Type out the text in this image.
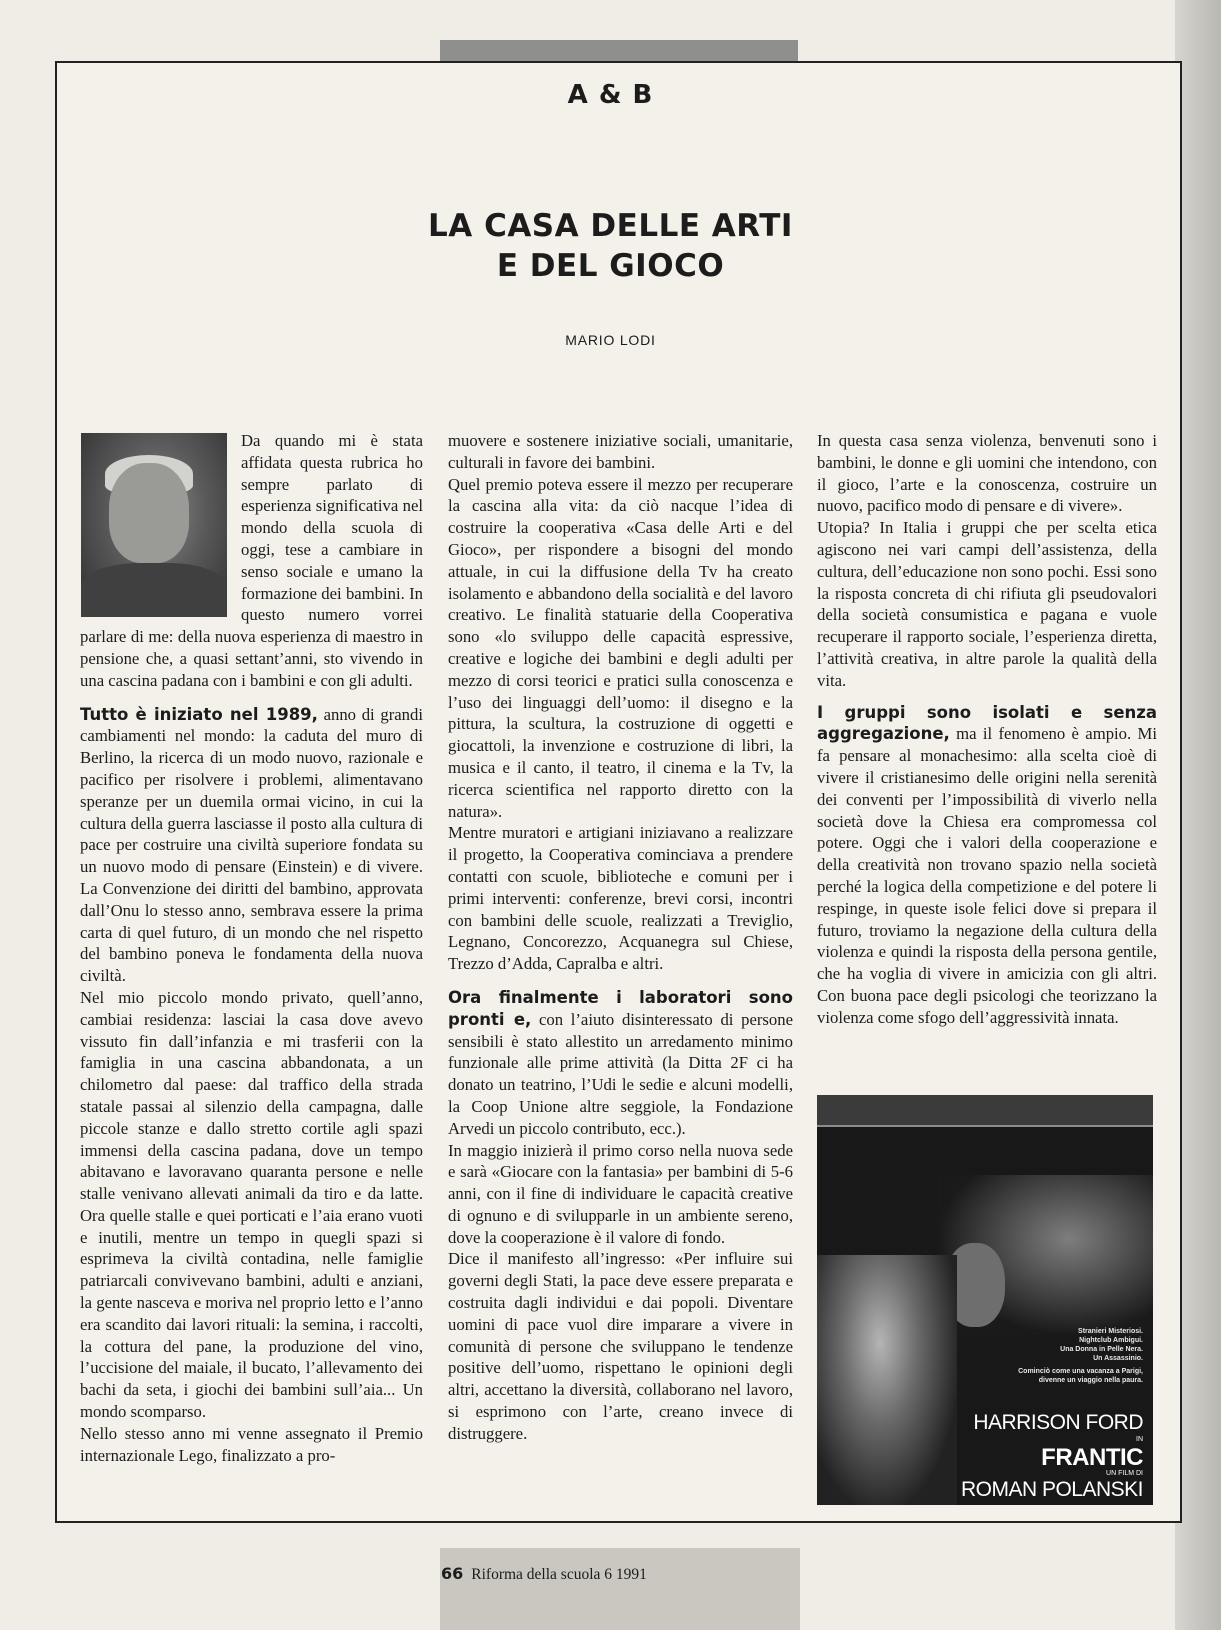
A & B
LA CASA DELLE ARTI
E DEL GIOCO
MARIO LODI

Da quando mi è stata affidata questa rubrica ho sempre parlato di esperienza significativa nel mondo della scuola di oggi, tese a cambiare in senso sociale e umano la formazione dei bambini. In questo numero vorrei parlare di me: della nuova esperienza di maestro in pensione che, a quasi settant’anni, sto vivendo in una cascina padana con i bambini e con gli adulti.

Tutto è iniziato nel 1989, anno di grandi cambiamenti nel mondo: la caduta del muro di Berlino, la ricerca di un modo nuovo, razionale e pacifico per risolvere i problemi, alimentavano speranze per un duemila ormai vicino, in cui la cultura della guerra lasciasse il posto alla cultura di pace per costruire una civiltà superiore fondata su un nuovo modo di pensare (Einstein) e di vivere. La Convenzione dei diritti del bambino, approvata dall’Onu lo stesso anno, sembrava essere la prima carta di quel futuro, di un mondo che nel rispetto del bambino poneva le fondamenta della nuova civiltà.

Nel mio piccolo mondo privato, quell’anno, cambiai residenza: lasciai la casa dove avevo vissuto fin dall’infanzia e mi trasferii con la famiglia in una cascina abbandonata, a un chilometro dal paese: dal traffico della strada statale passai al silenzio della campagna, dalle piccole stanze e dallo stretto cortile agli spazi immensi della cascina padana, dove un tempo abitavano e lavoravano quaranta persone e nelle stalle venivano allevati animali da tiro e da latte. Ora quelle stalle e quei porticati e l’aia erano vuoti e inutili, mentre un tempo in quegli spazi si esprimeva la civiltà contadina, nelle famiglie patriarcali convivevano bambini, adulti e anziani, la gente nasceva e moriva nel proprio letto e l’anno era scandito dai lavori rituali: la semina, i raccolti, la cottura del pane, la produzione del vino, l’uccisione del maiale, il bucato, l’allevamento dei bachi da seta, i giochi dei bambini sull’aia... Un mondo scomparso.

Nello stesso anno mi venne assegnato il Premio internazionale Lego, finalizzato a pro-

muovere e sostenere iniziative sociali, umanitarie, culturali in favore dei bambini.

Quel premio poteva essere il mezzo per recuperare la cascina alla vita: da ciò nacque l’idea di costruire la cooperativa «Casa delle Arti e del Gioco», per rispondere a bisogni del mondo attuale, in cui la diffusione della Tv ha creato isolamento e abbandono della socialità e del lavoro creativo. Le finalità statuarie della Cooperativa sono «lo sviluppo delle capacità espressive, creative e logiche dei bambini e degli adulti per mezzo di corsi teorici e pratici sulla conoscenza e l’uso dei linguaggi dell’uomo: il disegno e la pittura, la scultura, la costruzione di oggetti e giocattoli, la invenzione e costruzione di libri, la musica e il canto, il teatro, il cinema e la Tv, la ricerca scientifica nel rapporto diretto con la natura».

Mentre muratori e artigiani iniziavano a realizzare il progetto, la Cooperativa cominciava a prendere contatti con scuole, biblioteche e comuni per i primi interventi: conferenze, brevi corsi, incontri con bambini delle scuole, realizzati a Treviglio, Legnano, Concorezzo, Acquanegra sul Chiese, Trezzo d’Adda, Capralba e altri.

Ora finalmente i laboratori sono pronti e, con l’aiuto disinteressato di persone sensibili è stato allestito un arredamento minimo funzionale alle prime attività (la Ditta 2F ci ha donato un teatrino, l’Udi le sedie e alcuni modelli, la Coop Unione altre seggiole, la Fondazione Arvedi un piccolo contributo, ecc.).

In maggio inizierà il primo corso nella nuova sede e sarà «Giocare con la fantasia» per bambini di 5-6 anni, con il fine di individuare le capacità creative di ognuno e di svilupparle in un ambiente sereno, dove la cooperazione è il valore di fondo.

Dice il manifesto all’ingresso: «Per influire sui governi degli Stati, la pace deve essere preparata e costruita dagli individui e dai popoli. Diventare uomini di pace vuol dire imparare a vivere in comunità di persone che sviluppano le tendenze positive dell’uomo, rispettano le opinioni degli altri, accettano la diversità, collaborano nel lavoro, si esprimono con l’arte, creano invece di distruggere.

In questa casa senza violenza, benvenuti sono i bambini, le donne e gli uomini che intendono, con il gioco, l’arte e la conoscenza, costruire un nuovo, pacifico modo di pensare e di vivere».

Utopia? In Italia i gruppi che per scelta etica agiscono nei vari campi dell’assistenza, della cultura, dell’educazione non sono pochi. Essi sono la risposta concreta di chi rifiuta gli pseudovalori della società consumistica e pagana e vuole recuperare il rapporto sociale, l’esperienza diretta, l’attività creativa, in altre parole la qualità della vita.

I gruppi sono isolati e senza aggregazione, ma il fenomeno è ampio. Mi fa pensare al monachesimo: alla scelta cioè di vivere il cristianesimo delle origini nella serenità dei conventi per l’impossibilità di viverlo nella società dove la Chiesa era compromessa col potere. Oggi che i valori della cooperazione e della creatività non trovano spazio nella società perché la logica della competizione e del potere li respinge, in queste isole felici dove si prepara il futuro, troviamo la negazione della cultura della violenza e quindi la risposta della persona gentile, che ha voglia di vivere in amicizia con gli altri. Con buona pace degli psicologi che teorizzano la violenza come sfogo dell’aggressività innata.

Stranieri Misteriosi.
Nightclub Ambigui.
Una Donna in Pelle Nera.
Un Assassinio.
Cominciò come una vacanza a Parigi,
divenne un viaggio nella paura.
HARRISON FORD
IN
FRANTIC
UN FILM DI
ROMAN POLANSKI
66 Riforma della scuola 6 1991
